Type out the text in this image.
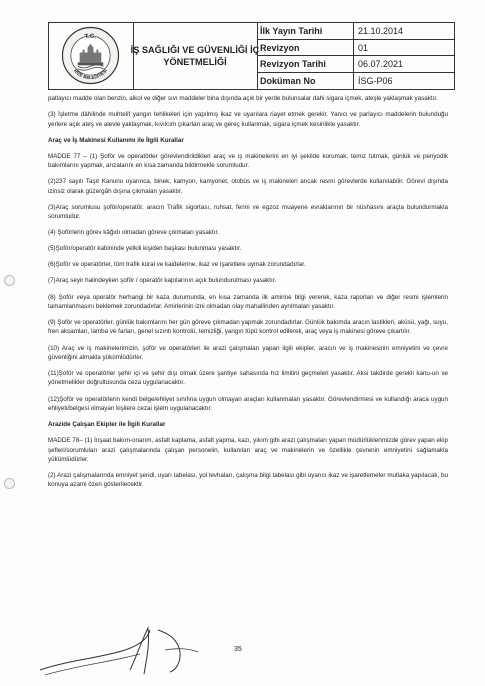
T.C.
RİZE BELEDİYESİ
İŞ SAĞLIĞI VE GÜVENLİĞİ İÇ
YÖNETMELİĞİ
İlk Yayın Tarihi	21.10.2014
Revizyon	01
Revizyon Tarihi	06.07.2021
Doküman No	İSG-P06

patlayıcı madde olan benzin, alkol ve diğer sıvı maddeler bina dışında açık bir yerde bulunsalar dahi sigara içmek, ateşle yaklaşmak yasaktır.

(3) İşletme dâhilinde muhtelif yangın tehlikeleri için yapılmış ikaz ve uyarılara riayet etmek gerekir. Yanıcı ve parlayıcı maddelerin bulunduğu yerlere açık ateş ve alevle yaklaşmak, kıvılcım çıkartan araç ve gereç kullanmak, sigara içmek kesinlikle yasaktır.

Araç ve İş Makinesi Kullanımı ile İlgili Kurallar

MADDE 77 – (1) Şoför ve operatörler görevlendirildikleri araç ve iş makinelerini en iyi şekilde korumak, temiz tutmak, günlük ve periyodik bakımlarını yapmak, arızalarını en kısa zamanda bildirmekle sorumludur.

(2)237 sayılı Taşıt Kanunu uyarınca, binek, kamyon, kamyonet, otobüs ve iş makineleri ancak resmi görevlerde kullanılabilir. Görevi dışında izinsiz olarak güzergâh dışına çıkmaları yasaktır.

(3)Araç sorumlusu şoför/operatör, aracın Trafik sigortası, ruhsat, fenni ve egzoz muayene evraklarının bir nüshasını araçta bulundurmakla sorumludur.

(4) Şoförlerin görev kâğıdı olmadan göreve çıkmaları yasaktır.

(5)Şoför/operatör kabininde yetkili kişiden başkası bulunması yasaktır.

(6)Şoför ve operatörler, tüm trafik kural ve kaidelerine, ikaz ve işaretlere uymak zorundadırlar.

(7)Araç seyir halindeyken şoför / operatör kapılarının açık bulundurulması yasaktır.

(8) Şoför veya operatör herhangi bir kaza durumunda, en kısa zamanda ilk amirine bilgi vererek, kaza raporları ve diğer resmi işlemlerin tamamlanmasını beklemek zorundadırlar. Amirlerinin izni olmadan olay mahallinden ayrılmaları yasaktır.

(9) Şoför ve operatörler, günlük bakımlarını her gün göreve çıkmadan yapmak zorundadırlar. Günlük bakımda aracın lastikleri, aküsü, yağı, suyu, fren aksamları, lamba ve farları, genel sızıntı kontrolü, temizliği, yangın tüpü kontrol edilerek, araç veya iş makinesi göreve çıkartılır.

(10) Araç ve iş makinelerimizin, şoför ve operatörleri ile arazi çalışmaları yapan ilgili ekipler, aracın ve iş makinesinin emniyetini ve çevre güvenliğini almakla yükümlüdürler.

(11)Şoför ve operatörler şehir içi ve şehir dışı olmak üzere şantiye sahasında hız limitini geçmeleri yasaktır. Aksi takdirde gerekli kanu-un ve yönetmelikler doğrultusunda ceza uygulanacaktır.

(12)Şoför ve operatörlerin kendi belge/ehliyet sınıfına uygun olmayan araçları kullanmaları yasaktır. Görevlendirmesi ve kullandığı araca uygun ehliyeti/belgesi olmayan kişilere cezai işlem uygulanacaktır.

Arazide Çalışan Ekipler ile İlgili Kurallar

MADDE 78– (1) İnşaat bakım-onarım, asfalt kaplama, asfalt yapma, kazı, yıkım gibi arazi çalışmaları yapan müdürlüklerimizde görev yapan ekip şefleri/sorumluları arazi çalışmalarında çalışan personelin, kullanılan araç ve makinelerin ve özellikle çevrenin emniyetini sağlamakla yükümlüdürler.

(2) Arazi çalışmalarında emniyet şeridi, uyarı tabelası, yol levhaları, çalışma bilgi tabelası gibi uyarıcı ikaz ve işaretlemeler mutlaka yapılacak, bu konuya azami özen gösterilecektir.

35
